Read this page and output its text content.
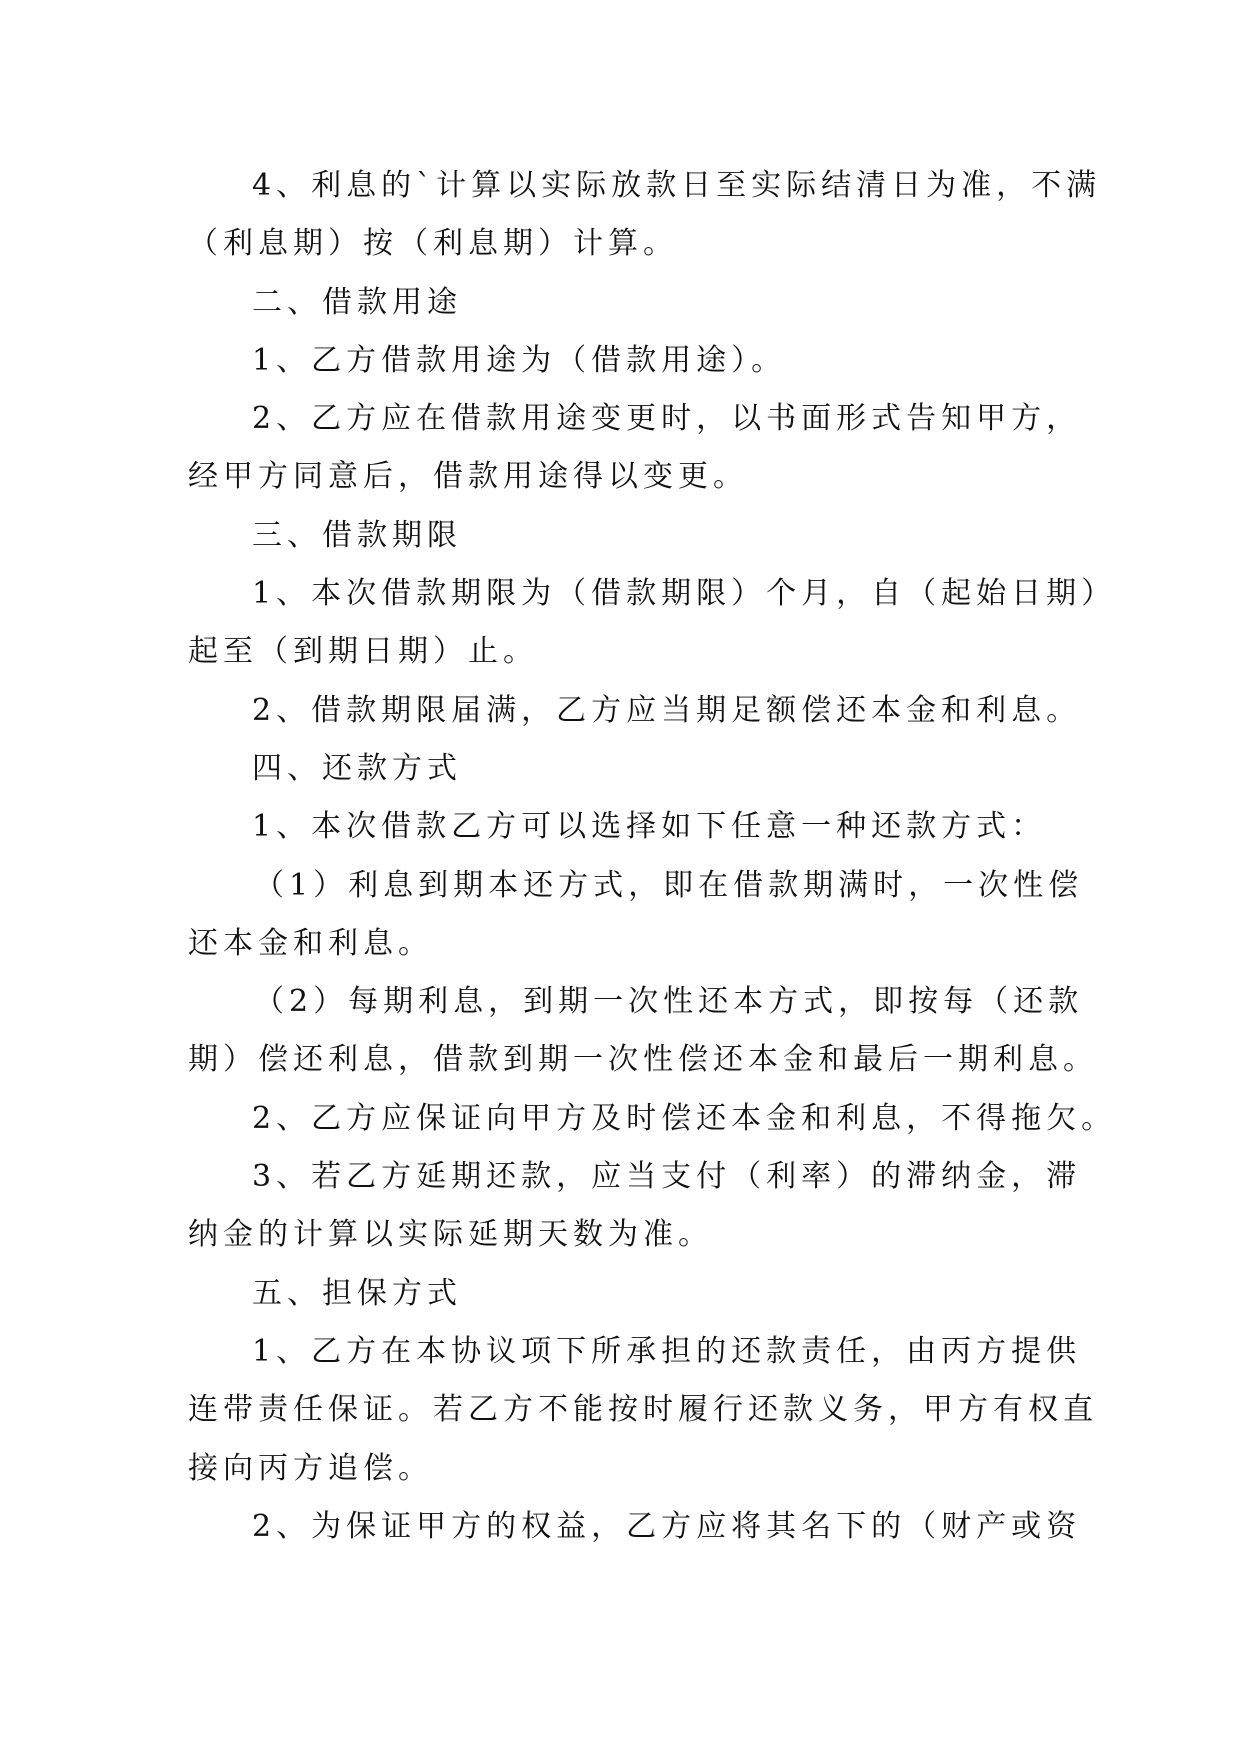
4、利息的`计算以实际放款日至实际结清日为准，不满
（利息期）按（利息期）计算。
二、借款用途
1、乙方借款用途为（借款用途）。
2、乙方应在借款用途变更时，以书面形式告知甲方，
经甲方同意后，借款用途得以变更。
三、借款期限
1、本次借款期限为（借款期限）个月，自（起始日期）
起至（到期日期）止。
2、借款期限届满，乙方应当期足额偿还本金和利息。
四、还款方式
1、本次借款乙方可以选择如下任意一种还款方式：
（1）利息到期本还方式，即在借款期满时，一次性偿
还本金和利息。
（2）每期利息，到期一次性还本方式，即按每（还款
期）偿还利息，借款到期一次性偿还本金和最后一期利息。
2、乙方应保证向甲方及时偿还本金和利息，不得拖欠。
3、若乙方延期还款，应当支付（利率）的滞纳金，滞
纳金的计算以实际延期天数为准。
五、担保方式
1、乙方在本协议项下所承担的还款责任，由丙方提供
连带责任保证。若乙方不能按时履行还款义务，甲方有权直
接向丙方追偿。
2、为保证甲方的权益，乙方应将其名下的（财产或资
